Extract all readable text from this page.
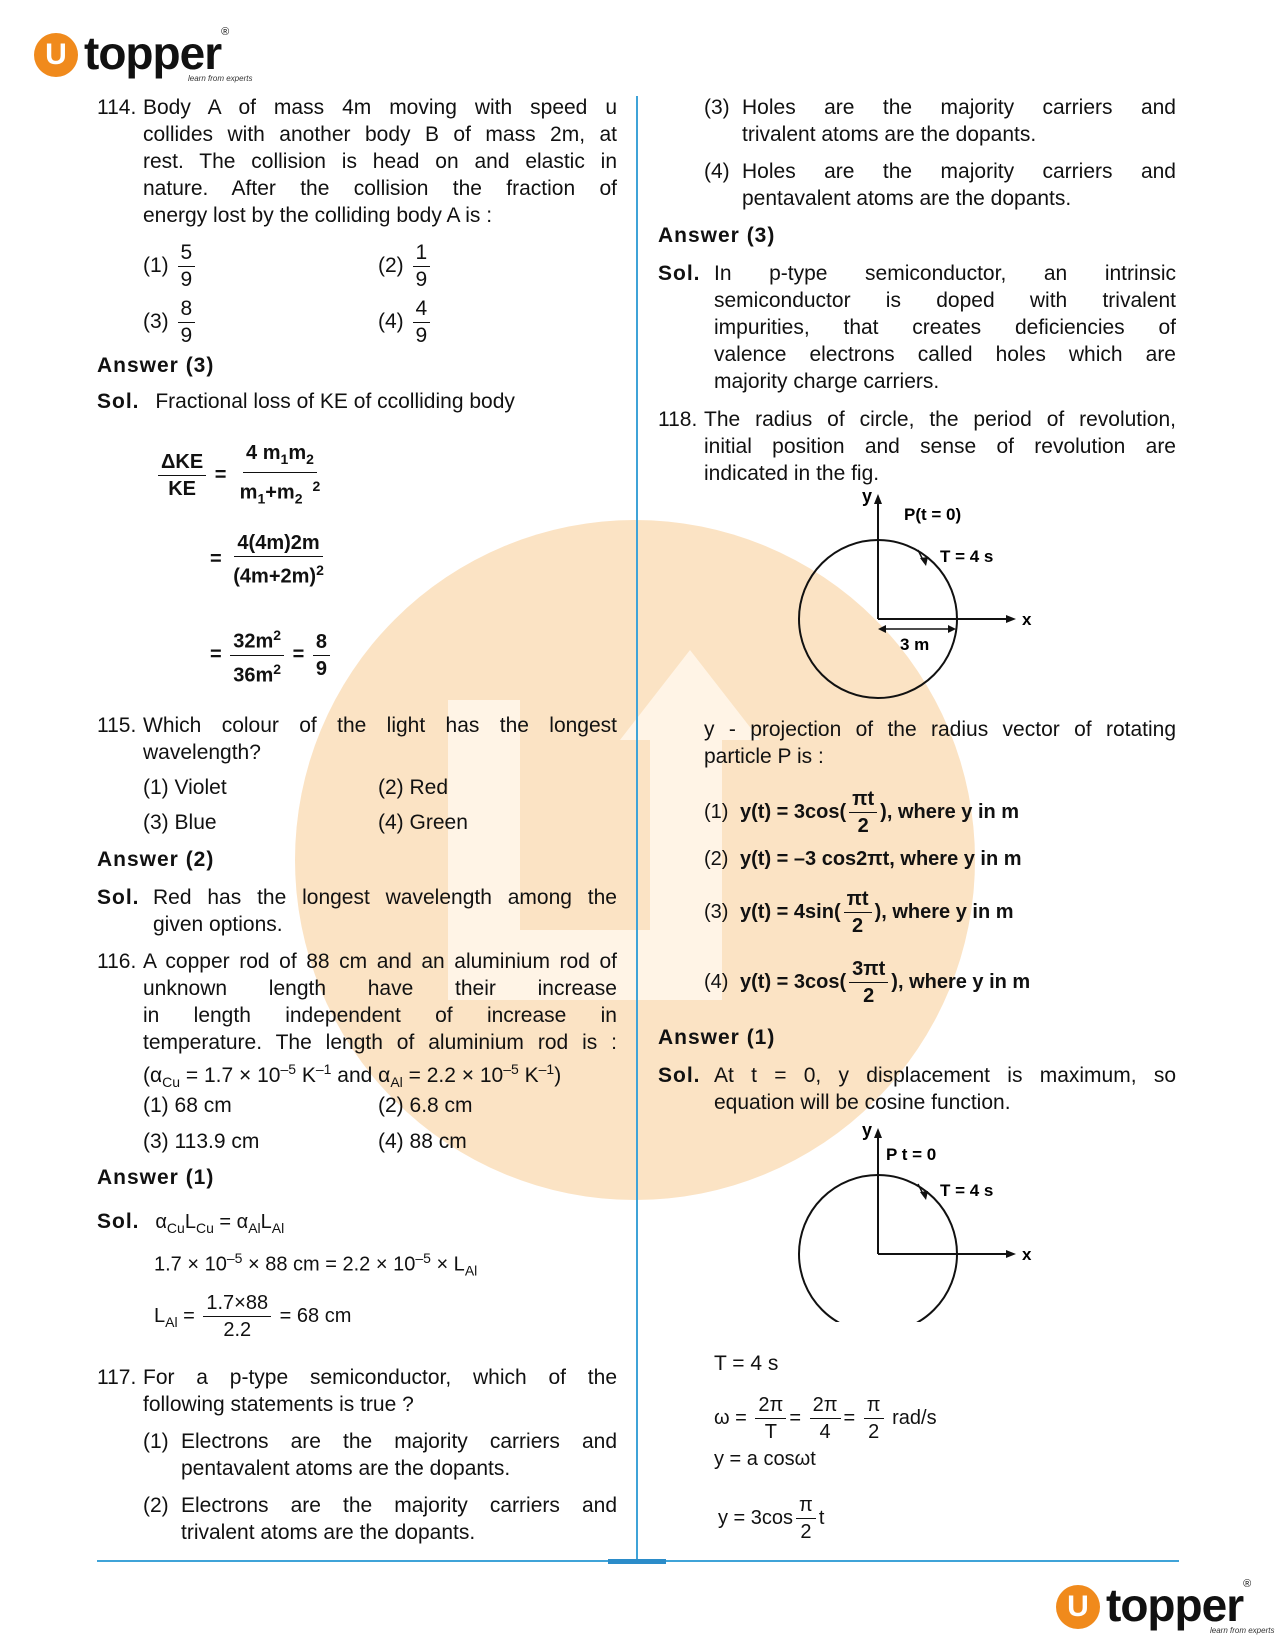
U topper®
learn from experts
114. Body A of mass 4m moving with speed u
collides with another body B of mass 2m, at
rest. The collision is head on and elastic in
nature. After the collision the fraction of
energy lost by the colliding body A is :
$(1) \frac{5}{9}$	$(2) \frac{1}{9}$
$(3) \frac{8}{9}$	$(4) \frac{4}{9}$
Answer (3)
Sol. Fractional loss of KE of ccolliding body
$\frac{\text{ΔKE}}{KE} = \frac{4 m_1m_2}{m_1+m_2^2}$
= $\frac{4(4m)2m}{(4m+2m)^2}$
= $\frac{32m^2}{36m^2} = \frac{8}{9}$
115. Which colour of the light has the longest
wavelength?
(1) Violet	(2) Red
(3) Blue	(4) Green
Answer (2)
Sol. Red has the longest wavelength among the
given options.
116. A copper rod of 88 cm and an aluminium rod of
unknown length have their increase
in length independent of increase in
temperature. The length of aluminium rod is :
($\alpha_{Cu} = 1.7 \times 10^{-5}$ $K^{-1}$ and $\alpha_{Al} = 2.2 \times 10^{-5}$ $K^{-1}$)
(1) 68 cm	(2) 6.8 cm
(3) 113.9 cm	(4) 88 cm
Answer (1)
Sol. $\alpha_{Cu}L_{Cu} = \alpha_{Al}L_{Al}$
$1.7 \times 10^{-5} \times 88$ cm = $2.2 \times 10^{-5} \times L_{Al}$
$L_{Al} = \frac{1.7\times 88}{2.2} = 68$ cm
117. For a p-type semiconductor, which of the
following statements is true ?
(1) Electrons are the majority carriers and
pentavalent atoms are the dopants.
(2) Electrons are the majority carriers and
trivalent atoms are the dopants.
(3) Holes are the majority carriers and
trivalent atoms are the dopants.
(4) Holes are the majority carriers and
pentavalent atoms are the dopants.
Answer (3)
Sol. In p-type semiconductor, an intrinsic
semiconductor is doped with trivalent
impurities, that creates deficiencies of
valence electrons called holes which are
majority charge carriers.
118. The radius of circle, the period of revolution,
initial position and sense of revolution are
indicated in the fig.
y
x
P(t = 0)
T = 4 s
3 m
y - projection of the radius vector of rotating
particle P is :
(1) $y(t) = 3\cos( \frac{\pi t}{2}$ ), where y in m
(2) y(t) = –3 cos2πt, where y in m
(3) $y(t) = 4\sin( \frac{\pi t}{2}$ ), where y in m
(4) $y(t) = 3\cos( \frac{3\pi t}{2}$ ), where y in m
Answer (1)
Sol. At t = 0, y displacement is maximum, so
equation will be cosine function.
y
x
P t = 0
T = 4 s
T = 4 s
$\omega = \frac{2\pi}{T} = \frac{2\pi}{4} = \frac{\pi}{2} rad/s$
y = a cosωt
$y = 3\cos \frac{\pi}{2}$ t
U topper®
learn from experts
